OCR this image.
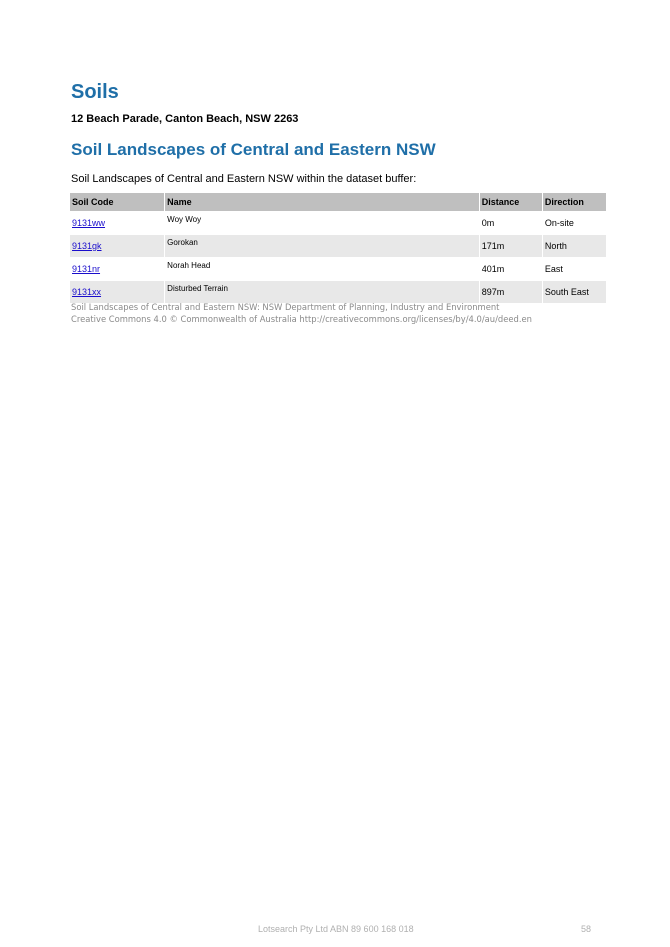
Soils

12 Beach Parade, Canton Beach, NSW 2263

Soil Landscapes of Central and Eastern NSW

Soil Landscapes of Central and Eastern NSW within the dataset buffer:

Soil Code	Name	Distance	Direction
9131ww	Woy Woy	0m	On-site
9131gk	Gorokan	171m	North
9131nr	Norah Head	401m	East
9131xx	Disturbed Terrain	897m	South East
Soil Landscapes of Central and Eastern NSW: NSW Department of Planning, Industry and Environment
Creative Commons 4.0 © Commonwealth of Australia http://creativecommons.org/licenses/by/4.0/au/deed.en
Lotsearch Pty Ltd ABN 89 600 168 018	58
